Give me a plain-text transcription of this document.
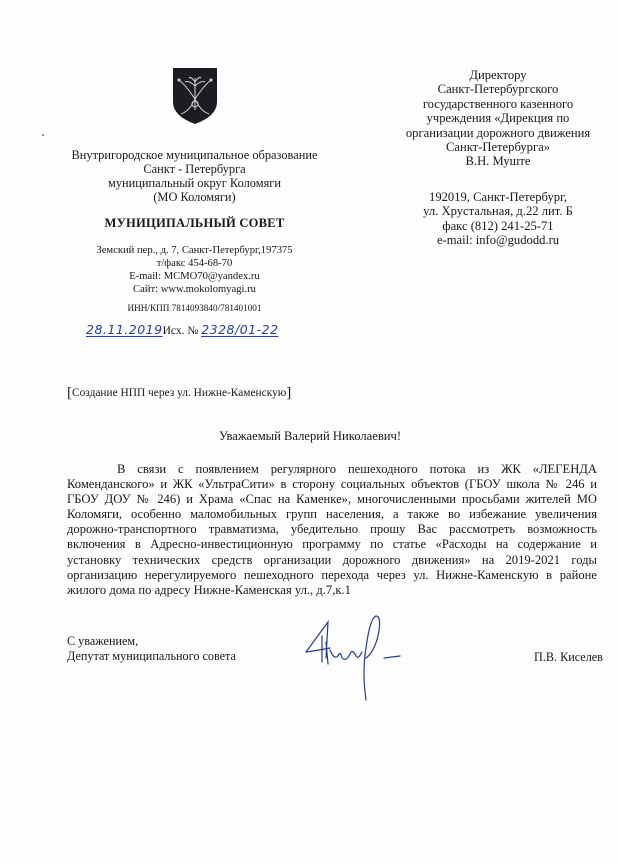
Внутригородское муниципальное образование
Санкт - Петербурга
муниципальный округ Коломяги
(МО Коломяги)
МУНИЦИПАЛЬНЫЙ СОВЕТ
Земский пер., д. 7, Санкт-Петербург,197375
т/факс 454-68-70
E-mail: МСМО70@yandex.ru
Сайт: www.mokolomyagi.ru
ИНН/КПП 7814093840/781401001
28.11.2019Исх. № 2328/01-22
Директору
Санкт-Петербургского
государственного казенного
учреждения «Дирекция по
организации дорожного движения
Санкт-Петербурга»
В.Н. Муште
192019, Санкт-Петербург,
ул. Хрустальная, д.22 лит. Б
факс (812) 241-25-71
e-mail: info@gudodd.ru
[Создание НПП через ул. Нижне-Каменскую]
Уважаемый Валерий Николаевич!

В связи с появлением регулярного пешеходного потока из ЖК «ЛЕГЕНДА Коменданского» и ЖК «УльтраСити» в сторону социальных объектов (ГБОУ школа № 246 и ГБОУ ДОУ № 246) и Храма «Спас на Каменке», многочисленными просьбами жителей МО Коломяги, особенно маломобильных групп населения, а также во избежание увеличения дорожно-транспортного травматизма, убедительно прошу Вас рассмотреть возможность включения в Адресно-инвестиционную программу по статье «Расходы на содержание и установку технических средств организации дорожного движения» на 2019-2021 годы организацию нерегулируемого пешеходного перехода через ул. Нижне-Каменскую в районе жилого дома по адресу Нижне-Каменская ул., д.7,к.1

С уважением,
Депутат муниципального совета	П.В. Киселев
